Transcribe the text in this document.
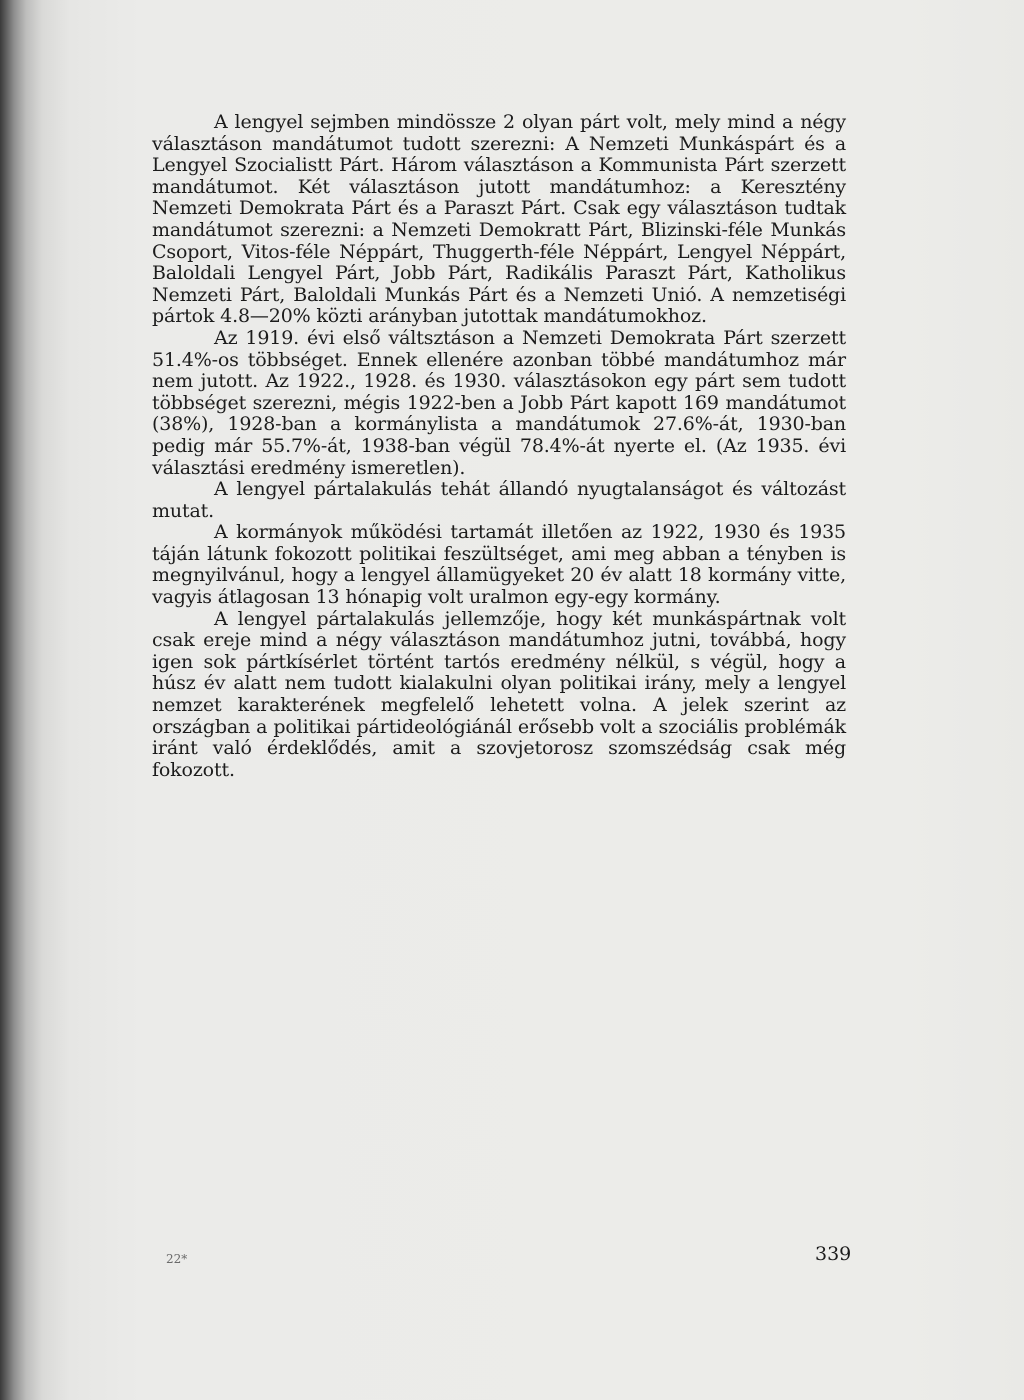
A lengyel sejmben mindössze 2 olyan párt volt, mely mind a négy választáson mandátumot tudott szerezni: A Nemzeti Munkáspárt és a Lengyel Szocialistt Párt. Három választáson a Kommunista Párt szerzett mandátumot. Két választáson jutott mandátumhoz: a Keresztény Nemzeti Demokrata Párt és a Paraszt Párt. Csak egy választáson tudtak mandátumot szerezni: a Nemzeti Demokratt Párt, Blizinski-féle Munkás Csoport, Vitos-féle Néppárt, Thuggerth-féle Néppárt, Lengyel Néppárt, Baloldali Lengyel Párt, Jobb Párt, Radikális Paraszt Párt, Katholikus Nemzeti Párt, Baloldali Munkás Párt és a Nemzeti Unió. A nemzetiségi pártok 4.8—20% közti arányban jutottak mandátumokhoz.

Az 1919. évi első váltsztáson a Nemzeti Demokrata Párt szerzett 51.4%-os többséget. Ennek ellenére azonban többé mandátumhoz már nem jutott. Az 1922., 1928. és 1930. választásokon egy párt sem tudott többséget szerezni, mégis 1922-ben a Jobb Párt kapott 169 mandátumot (38%), 1928-ban a kormánylista a mandátumok 27.6%-át, 1930-ban pedig már 55.7%-át, 1938-ban végül 78.4%-át nyerte el. (Az 1935. évi választási eredmény ismeretlen).

A lengyel pártalakulás tehát állandó nyugtalanságot és változást mutat.

A kormányok működési tartamát illetően az 1922, 1930 és 1935 táján látunk fokozott politikai feszültséget, ami meg abban a tényben is megnyilvánul, hogy a lengyel államügyeket 20 év alatt 18 kormány vitte, vagyis átlagosan 13 hónapig volt uralmon egy-egy kormány.

A lengyel pártalakulás jellemzője, hogy két munkáspártnak volt csak ereje mind a négy választáson mandátumhoz jutni, továbbá, hogy igen sok pártkísérlet történt tartós eredmény nélkül, s végül, hogy a húsz év alatt nem tudott kialakulni olyan politikai irány, mely a lengyel nemzet karakterének megfelelő lehetett volna. A jelek szerint az országban a politikai pártideológiánál erősebb volt a szociális problémák iránt való érdeklődés, amit a szovjetorosz szomszédság csak még fokozott.

22*	339
